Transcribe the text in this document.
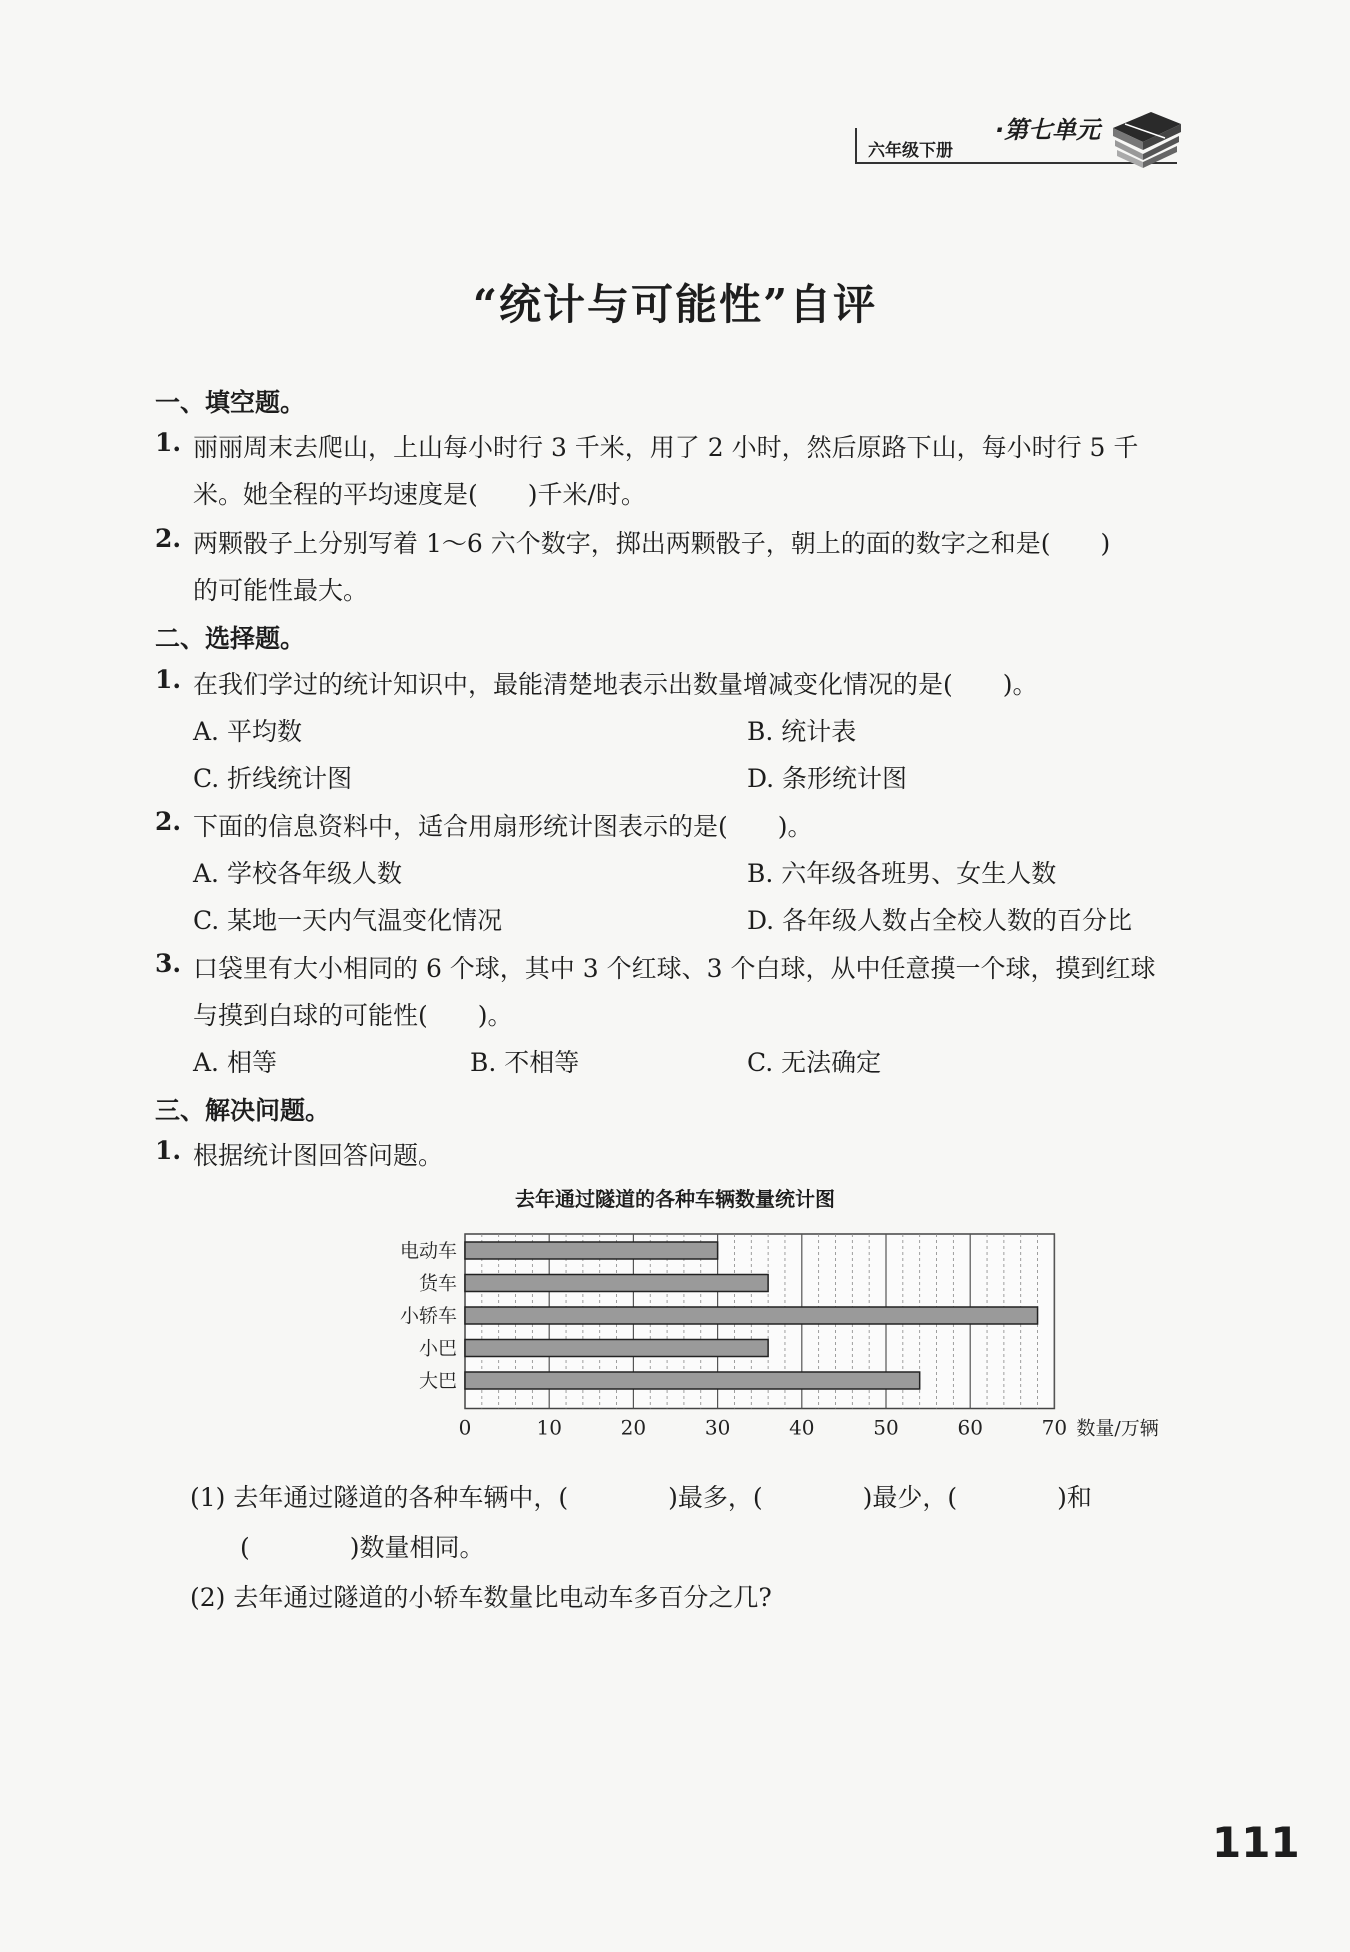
六年级下册
·第七单元
“统计与可能性”自评
一、填空题。
1. 丽丽周末去爬山，上山每小时行 3 千米，用了 2 小时，然后原路下山，每小时行 5 千
米。她全程的平均速度是(　　)千米/时。
2. 两颗骰子上分别写着 1～6 六个数字，掷出两颗骰子，朝上的面的数字之和是(　　)
的可能性最大。
二、选择题。
1. 在我们学过的统计知识中，最能清楚地表示出数量增减变化情况的是(　　)。
A. 平均数	B. 统计表
C. 折线统计图	D. 条形统计图
2. 下面的信息资料中，适合用扇形统计图表示的是(　　)。
A. 学校各年级人数	B. 六年级各班男、女生人数
C. 某地一天内气温变化情况	D. 各年级人数占全校人数的百分比
3. 口袋里有大小相同的 6 个球，其中 3 个红球、3 个白球，从中任意摸一个球，摸到红球
与摸到白球的可能性(　　)。
A. 相等	B. 不相等	C. 无法确定
三、解决问题。
1. 根据统计图回答问题。
去年通过隧道的各种车辆数量统计图
电动车
货车
小轿车
小巴
大巴
0	10	20	30	40	50	60	70 数量/万辆
(1) 去年通过隧道的各种车辆中，(　　　　)最多，(　　　　)最少，(　　　　)和
(　　　　)数量相同。
(2) 去年通过隧道的小轿车数量比电动车多百分之几?
111
